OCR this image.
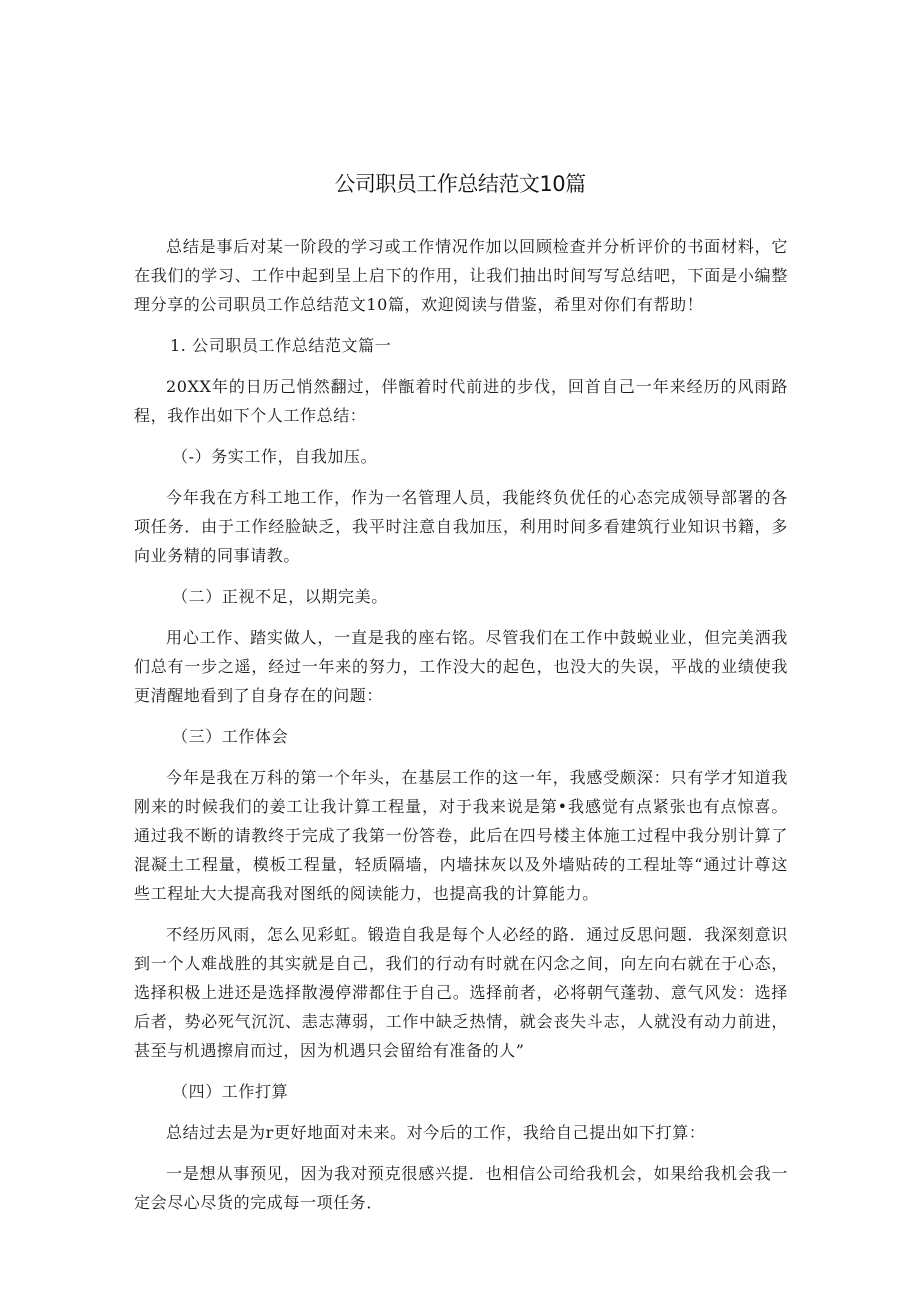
公司职员工作总结范文10篇

总结是事后对某一阶段的学习或工作情况作加以回顾检查并分析评价的书面材料，它在我们的学习、工作中起到呈上启下的作用，让我们抽出时间写写总结吧，下面是小编整理分享的公司职员工作总结范文10篇，欢迎阅读与借鉴，希里对你们有帮助！

1. 公司职员工作总结范文篇一

20XX年的日历己悄然翻过，伴甑着时代前进的步伐，回首自己一年来经历的风雨路程，我作出如下个人工作总结：

（-）务实工作，自我加压。

今年我在方科工地工作，作为一名管理人员，我能终负优任的心态完成领导部署的各项任务．由于工作经脸缺乏，我平时注意自我加压，利用时间多看建筑行业知识书籍，多向业务精的同事请教。

（二）正视不足，以期完美。

用心工作、踏实做人，一直是我的座右铭。尽管我们在工作中鼓蜕业业，但完美洒我们总有一步之遥，经过一年来的努力，工作没大的起色，也没大的失误，平战的业绩使我更清醒地看到了自身存在的问题：

（三）工作体会

今年是我在万科的第一个年头，在基层工作的这一年，我感受颇深：只有学才知道我刚来的时候我们的姜工让我计算工程量，对于我来说是第•我感觉有点紧张也有点惊喜。通过我不断的请教终于完成了我第一份答卷，此后在四号楼主体施工过程中我分别计算了混凝土工程量，模板工程量，轻质隔墙，内墙抹灰以及外墙贴砖的工程址等“通过计尊这些工程址大大提高我对图纸的阅读能力，也提高我的计算能力。

不经历风雨，怎么见彩虹。锻造自我是每个人必经的路．通过反思问题．我深刻意识到一个人难战胜的其实就是自己，我们的行动有时就在闪念之间，向左向右就在于心态，选择积极上进还是选择散漫停滞都住于自己。选择前者，必将朝气蓬勃、意气风发：选择后者，势必死气沉沉、恚志薄弱，工作中缺乏热情，就会丧失斗志，人就没有动力前进，甚至与机遇擦肩而过，因为机遇只会留给有准备的人”

（四）工作打算

总结过去是为r更好地面对未来。对今后的工作，我给自己提出如下打算：

一是想从事预见，因为我对预克很感兴提．也相信公司给我机会，如果给我机会我一定会尽心尽货的完成每一项任务．
